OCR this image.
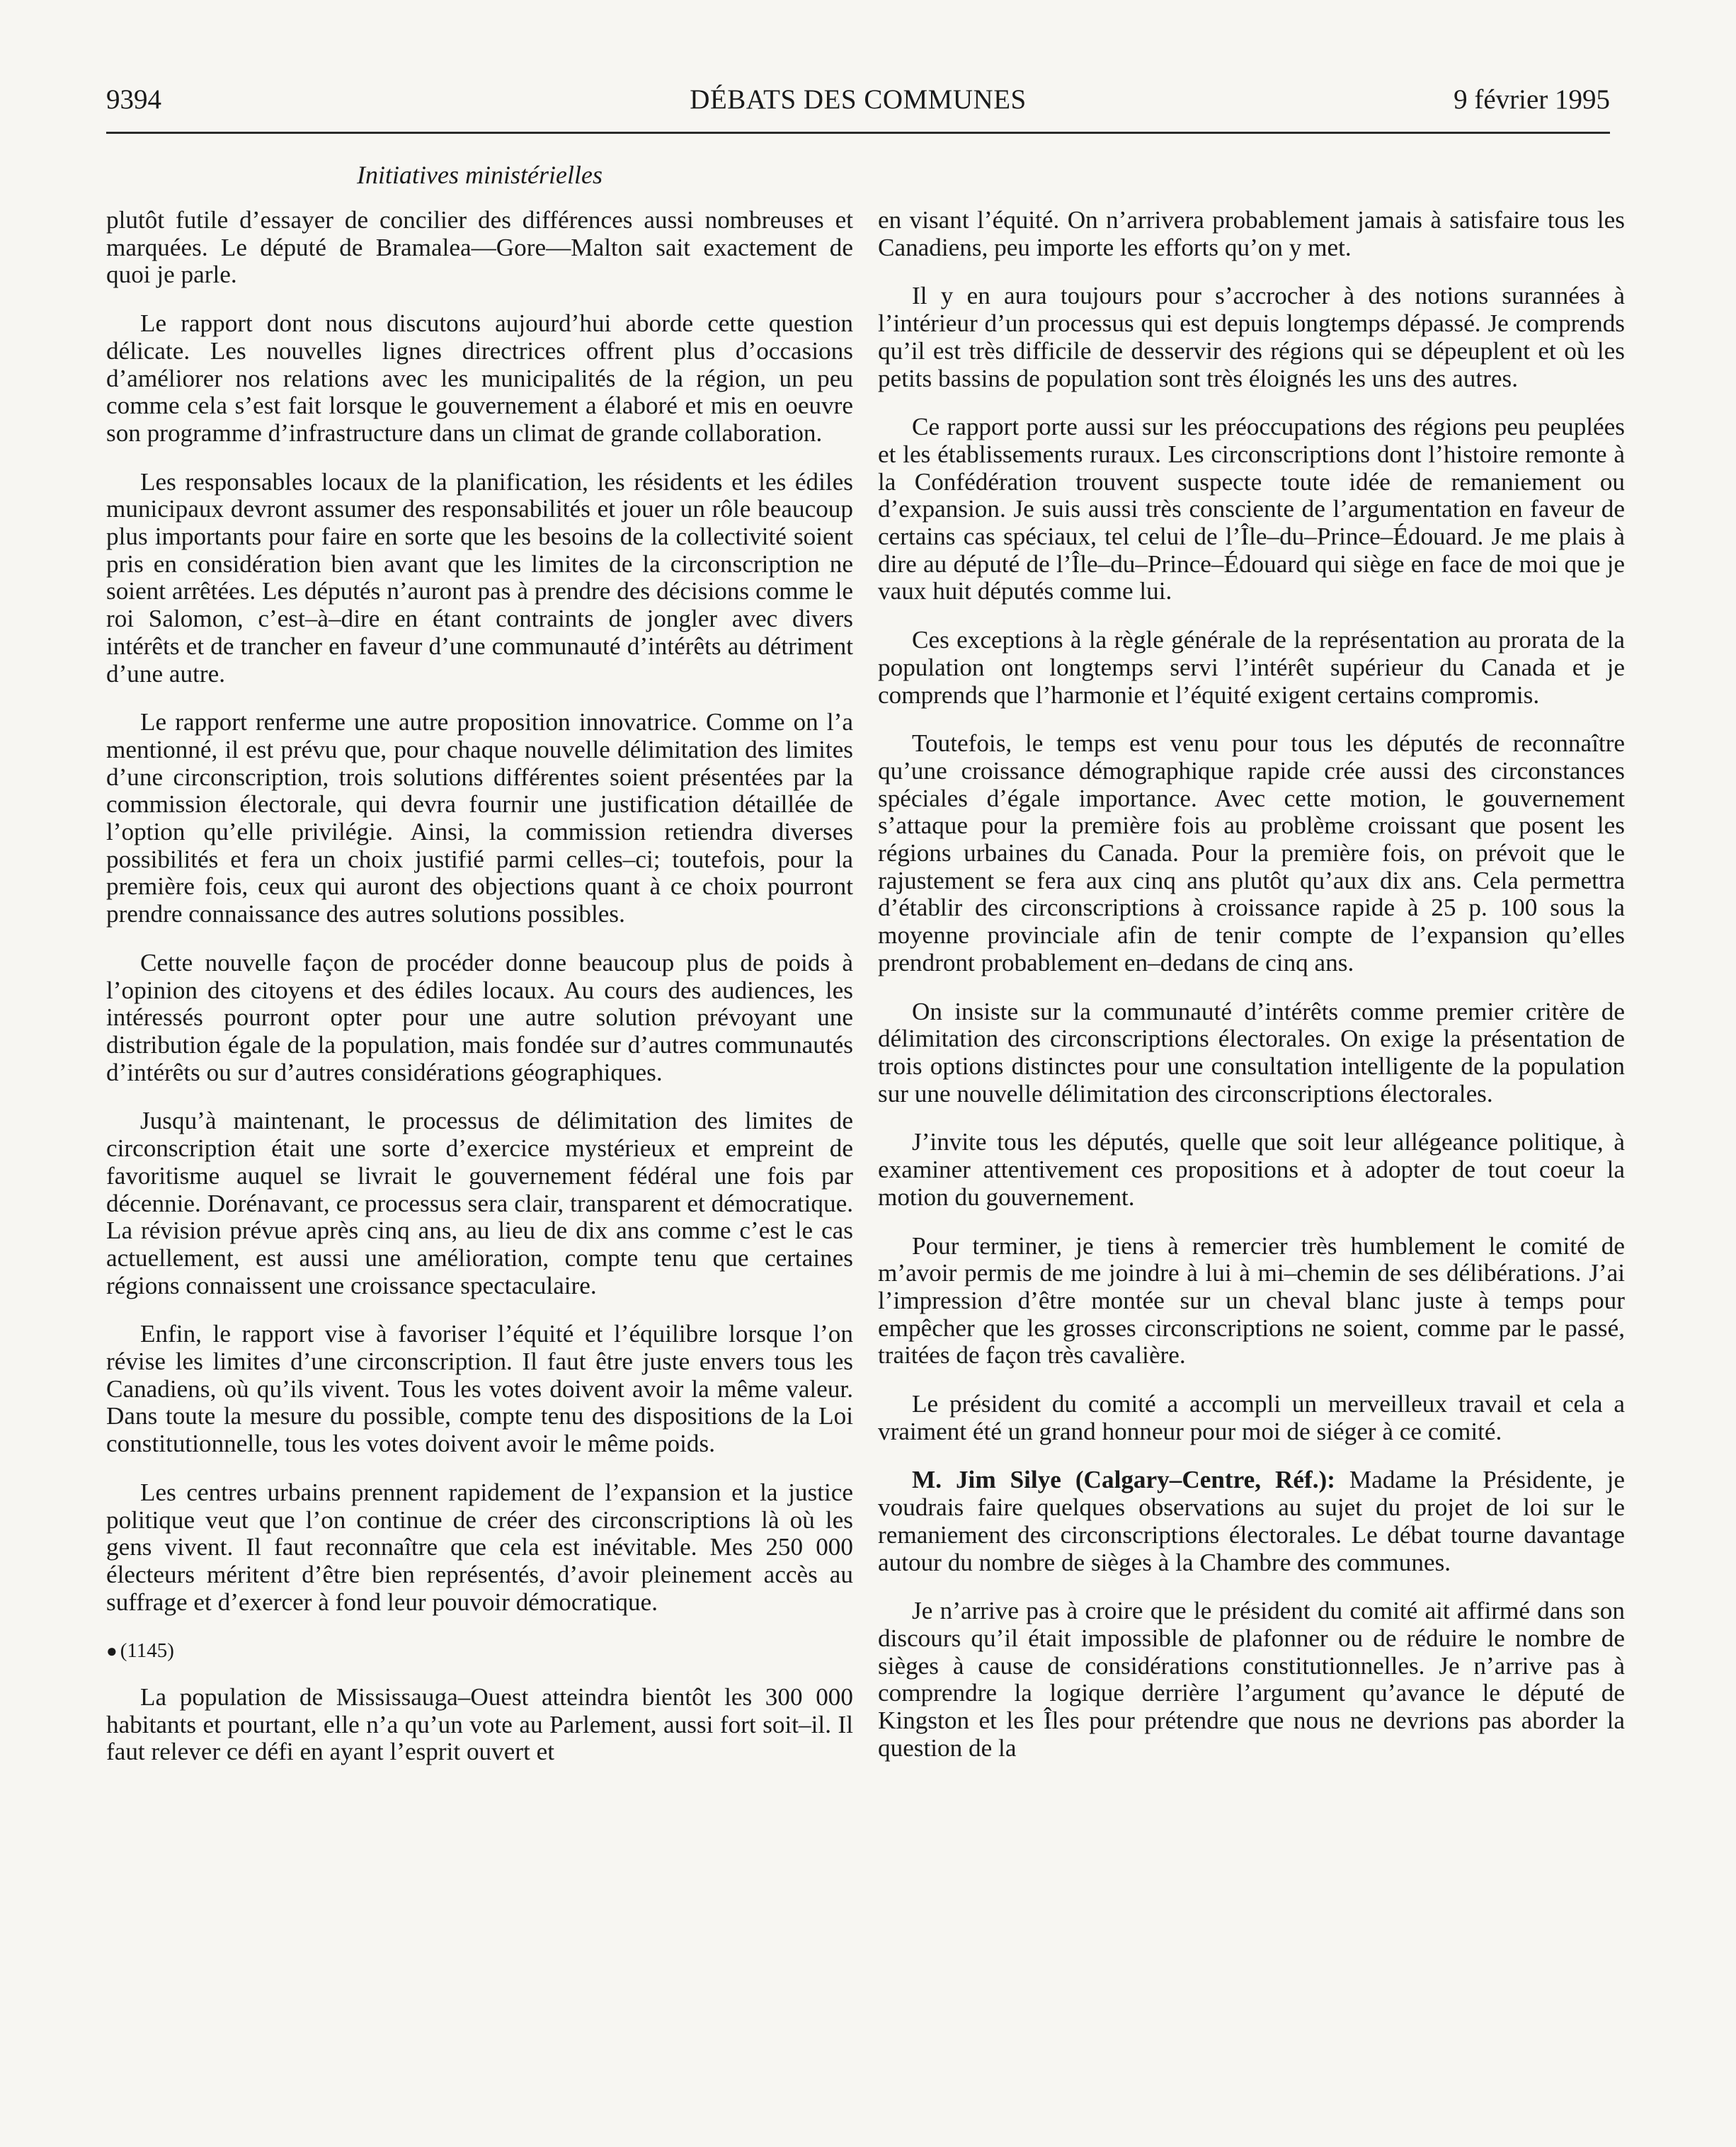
9394	DÉBATS DES COMMUNES	9 février 1995
Initiatives ministérielles

plutôt futile d’essayer de concilier des différences aussi nombreuses et marquées. Le député de Bramalea—Gore—Malton sait exactement de quoi je parle.

Le rapport dont nous discutons aujourd’hui aborde cette question délicate. Les nouvelles lignes directrices offrent plus d’occasions d’améliorer nos relations avec les municipalités de la région, un peu comme cela s’est fait lorsque le gouvernement a élaboré et mis en oeuvre son programme d’infrastructure dans un climat de grande collaboration.

Les responsables locaux de la planification, les résidents et les édiles municipaux devront assumer des responsabilités et jouer un rôle beaucoup plus importants pour faire en sorte que les besoins de la collectivité soient pris en considération bien avant que les limites de la circonscription ne soient arrêtées. Les députés n’auront pas à prendre des décisions comme le roi Salomon, c’est–à–dire en étant contraints de jongler avec divers intérêts et de trancher en faveur d’une communauté d’intérêts au détriment d’une autre.

Le rapport renferme une autre proposition innovatrice. Comme on l’a mentionné, il est prévu que, pour chaque nouvelle délimitation des limites d’une circonscription, trois solutions différentes soient présentées par la commission électorale, qui devra fournir une justification détaillée de l’option qu’elle privilégie. Ainsi, la commission retiendra diverses possibilités et fera un choix justifié parmi celles–ci; toutefois, pour la première fois, ceux qui auront des objections quant à ce choix pourront prendre connaissance des autres solutions possibles.

Cette nouvelle façon de procéder donne beaucoup plus de poids à l’opinion des citoyens et des édiles locaux. Au cours des audiences, les intéressés pourront opter pour une autre solution prévoyant une distribution égale de la population, mais fondée sur d’autres communautés d’intérêts ou sur d’autres considérations géographiques.

Jusqu’à maintenant, le processus de délimitation des limites de circonscription était une sorte d’exercice mystérieux et empreint de favoritisme auquel se livrait le gouvernement fédéral une fois par décennie. Dorénavant, ce processus sera clair, transparent et démocratique. La révision prévue après cinq ans, au lieu de dix ans comme c’est le cas actuellement, est aussi une amélioration, compte tenu que certaines régions connaissent une croissance spectaculaire.

Enfin, le rapport vise à favoriser l’équité et l’équilibre lorsque l’on révise les limites d’une circonscription. Il faut être juste envers tous les Canadiens, où qu’ils vivent. Tous les votes doivent avoir la même valeur. Dans toute la mesure du possible, compte tenu des dispositions de la Loi constitutionnelle, tous les votes doivent avoir le même poids.

Les centres urbains prennent rapidement de l’expansion et la justice politique veut que l’on continue de créer des circonscriptions là où les gens vivent. Il faut reconnaître que cela est inévitable. Mes 250 000 électeurs méritent d’être bien représentés, d’avoir pleinement accès au suffrage et d’exercer à fond leur pouvoir démocratique.

● (1145)

La population de Mississauga–Ouest atteindra bientôt les 300 000 habitants et pourtant, elle n’a qu’un vote au Parlement, aussi fort soit–il. Il faut relever ce défi en ayant l’esprit ouvert et

en visant l’équité. On n’arrivera probablement jamais à satisfaire tous les Canadiens, peu importe les efforts qu’on y met.

Il y en aura toujours pour s’accrocher à des notions surannées à l’intérieur d’un processus qui est depuis longtemps dépassé. Je comprends qu’il est très difficile de desservir des régions qui se dépeuplent et où les petits bassins de population sont très éloignés les uns des autres.

Ce rapport porte aussi sur les préoccupations des régions peu peuplées et les établissements ruraux. Les circonscriptions dont l’histoire remonte à la Confédération trouvent suspecte toute idée de remaniement ou d’expansion. Je suis aussi très consciente de l’argumentation en faveur de certains cas spéciaux, tel celui de l’Île–du–Prince–Édouard. Je me plais à dire au député de l’Île–du–Prince–Édouard qui siège en face de moi que je vaux huit députés comme lui.

Ces exceptions à la règle générale de la représentation au prorata de la population ont longtemps servi l’intérêt supérieur du Canada et je comprends que l’harmonie et l’équité exigent certains compromis.

Toutefois, le temps est venu pour tous les députés de reconnaître qu’une croissance démographique rapide crée aussi des circonstances spéciales d’égale importance. Avec cette motion, le gouvernement s’attaque pour la première fois au problème croissant que posent les régions urbaines du Canada. Pour la première fois, on prévoit que le rajustement se fera aux cinq ans plutôt qu’aux dix ans. Cela permettra d’établir des circonscriptions à croissance rapide à 25 p. 100 sous la moyenne provinciale afin de tenir compte de l’expansion qu’elles prendront probablement en–dedans de cinq ans.

On insiste sur la communauté d’intérêts comme premier critère de délimitation des circonscriptions électorales. On exige la présentation de trois options distinctes pour une consultation intelligente de la population sur une nouvelle délimitation des circonscriptions électorales.

J’invite tous les députés, quelle que soit leur allégeance politique, à examiner attentivement ces propositions et à adopter de tout coeur la motion du gouvernement.

Pour terminer, je tiens à remercier très humblement le comité de m’avoir permis de me joindre à lui à mi–chemin de ses délibérations. J’ai l’impression d’être montée sur un cheval blanc juste à temps pour empêcher que les grosses circonscriptions ne soient, comme par le passé, traitées de façon très cavalière.

Le président du comité a accompli un merveilleux travail et cela a vraiment été un grand honneur pour moi de siéger à ce comité.

M. Jim Silye (Calgary–Centre, Réf.): Madame la Présidente, je voudrais faire quelques observations au sujet du projet de loi sur le remaniement des circonscriptions électorales. Le débat tourne davantage autour du nombre de sièges à la Chambre des communes.

Je n’arrive pas à croire que le président du comité ait affirmé dans son discours qu’il était impossible de plafonner ou de réduire le nombre de sièges à cause de considérations constitutionnelles. Je n’arrive pas à comprendre la logique derrière l’argument qu’avance le député de Kingston et les Îles pour prétendre que nous ne devrions pas aborder la question de la
